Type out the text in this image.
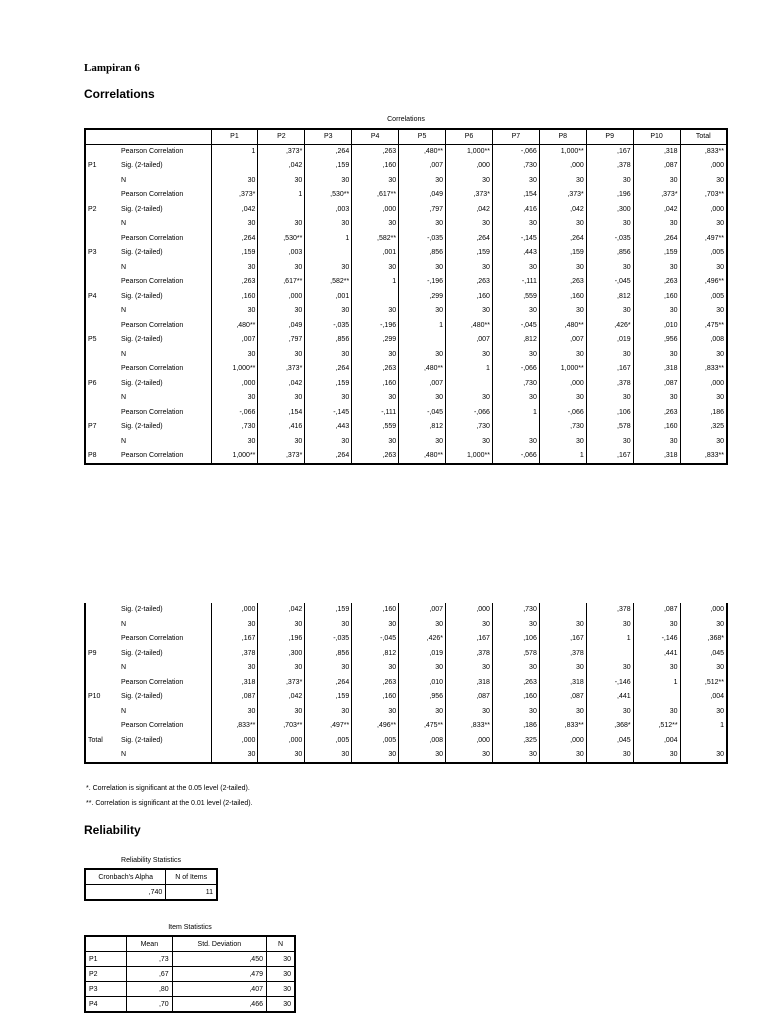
Lampiran 6
Correlations
Correlations
		P1	P2	P3	P4	P5	P6	P7	P8	P9	P10	Total
	Pearson Correlation	1	,373*	,264	,263	,480**	1,000**	-,066	1,000**	,167	,318	,833**
P1	Sig. (2-tailed)		,042	,159	,160	,007	,000	,730	,000	,378	,087	,000
	N	30	30	30	30	30	30	30	30	30	30	30
	Pearson Correlation	,373*	1	,530**	,617**	,049	,373*	,154	,373*	,196	,373*	,703**
P2	Sig. (2-tailed)	,042		,003	,000	,797	,042	,416	,042	,300	,042	,000
	N	30	30	30	30	30	30	30	30	30	30	30
	Pearson Correlation	,264	,530**	1	,582**	-,035	,264	-,145	,264	-,035	,264	,497**
P3	Sig. (2-tailed)	,159	,003		,001	,856	,159	,443	,159	,856	,159	,005
	N	30	30	30	30	30	30	30	30	30	30	30
	Pearson Correlation	,263	,617**	,582**	1	-,196	,263	-,111	,263	-,045	,263	,496**
P4	Sig. (2-tailed)	,160	,000	,001		,299	,160	,559	,160	,812	,160	,005
	N	30	30	30	30	30	30	30	30	30	30	30
	Pearson Correlation	,480**	,049	-,035	-,196	1	,480**	-,045	,480**	,426*	,010	,475**
P5	Sig. (2-tailed)	,007	,797	,856	,299		,007	,812	,007	,019	,956	,008
	N	30	30	30	30	30	30	30	30	30	30	30
	Pearson Correlation	1,000**	,373*	,264	,263	,480**	1	-,066	1,000**	,167	,318	,833**
P6	Sig. (2-tailed)	,000	,042	,159	,160	,007		,730	,000	,378	,087	,000
	N	30	30	30	30	30	30	30	30	30	30	30
	Pearson Correlation	-,066	,154	-,145	-,111	-,045	-,066	1	-,066	,106	,263	,186
P7	Sig. (2-tailed)	,730	,416	,443	,559	,812	,730		,730	,578	,160	,325
	N	30	30	30	30	30	30	30	30	30	30	30
P8	Pearson Correlation	1,000**	,373*	,264	,263	,480**	1,000**	-,066	1	,167	,318	,833**
	Sig. (2-tailed)	,000	,042	,159	,160	,007	,000	,730		,378	,087	,000
	N	30	30	30	30	30	30	30	30	30	30	30
	Pearson Correlation	,167	,196	-,035	-,045	,426*	,167	,106	,167	1	-,146	,368*
P9	Sig. (2-tailed)	,378	,300	,856	,812	,019	,378	,578	,378		,441	,045
	N	30	30	30	30	30	30	30	30	30	30	30
	Pearson Correlation	,318	,373*	,264	,263	,010	,318	,263	,318	-,146	1	,512**
P10	Sig. (2-tailed)	,087	,042	,159	,160	,956	,087	,160	,087	,441		,004
	N	30	30	30	30	30	30	30	30	30	30	30
	Pearson Correlation	,833**	,703**	,497**	,496**	,475**	,833**	,186	,833**	,368*	,512**	1
Total	Sig. (2-tailed)	,000	,000	,005	,005	,008	,000	,325	,000	,045	,004	
	N	30	30	30	30	30	30	30	30	30	30	30
*. Correlation is significant at the 0.05 level (2-tailed).
**. Correlation is significant at the 0.01 level (2-tailed).
Reliability
Reliability Statistics
Cronbach's Alpha	N of Items
,740	11
Item Statistics
	Mean	Std. Deviation	N
P1	,73	,450	30
P2	,67	,479	30
P3	,80	,407	30
P4	,70	,466	30
